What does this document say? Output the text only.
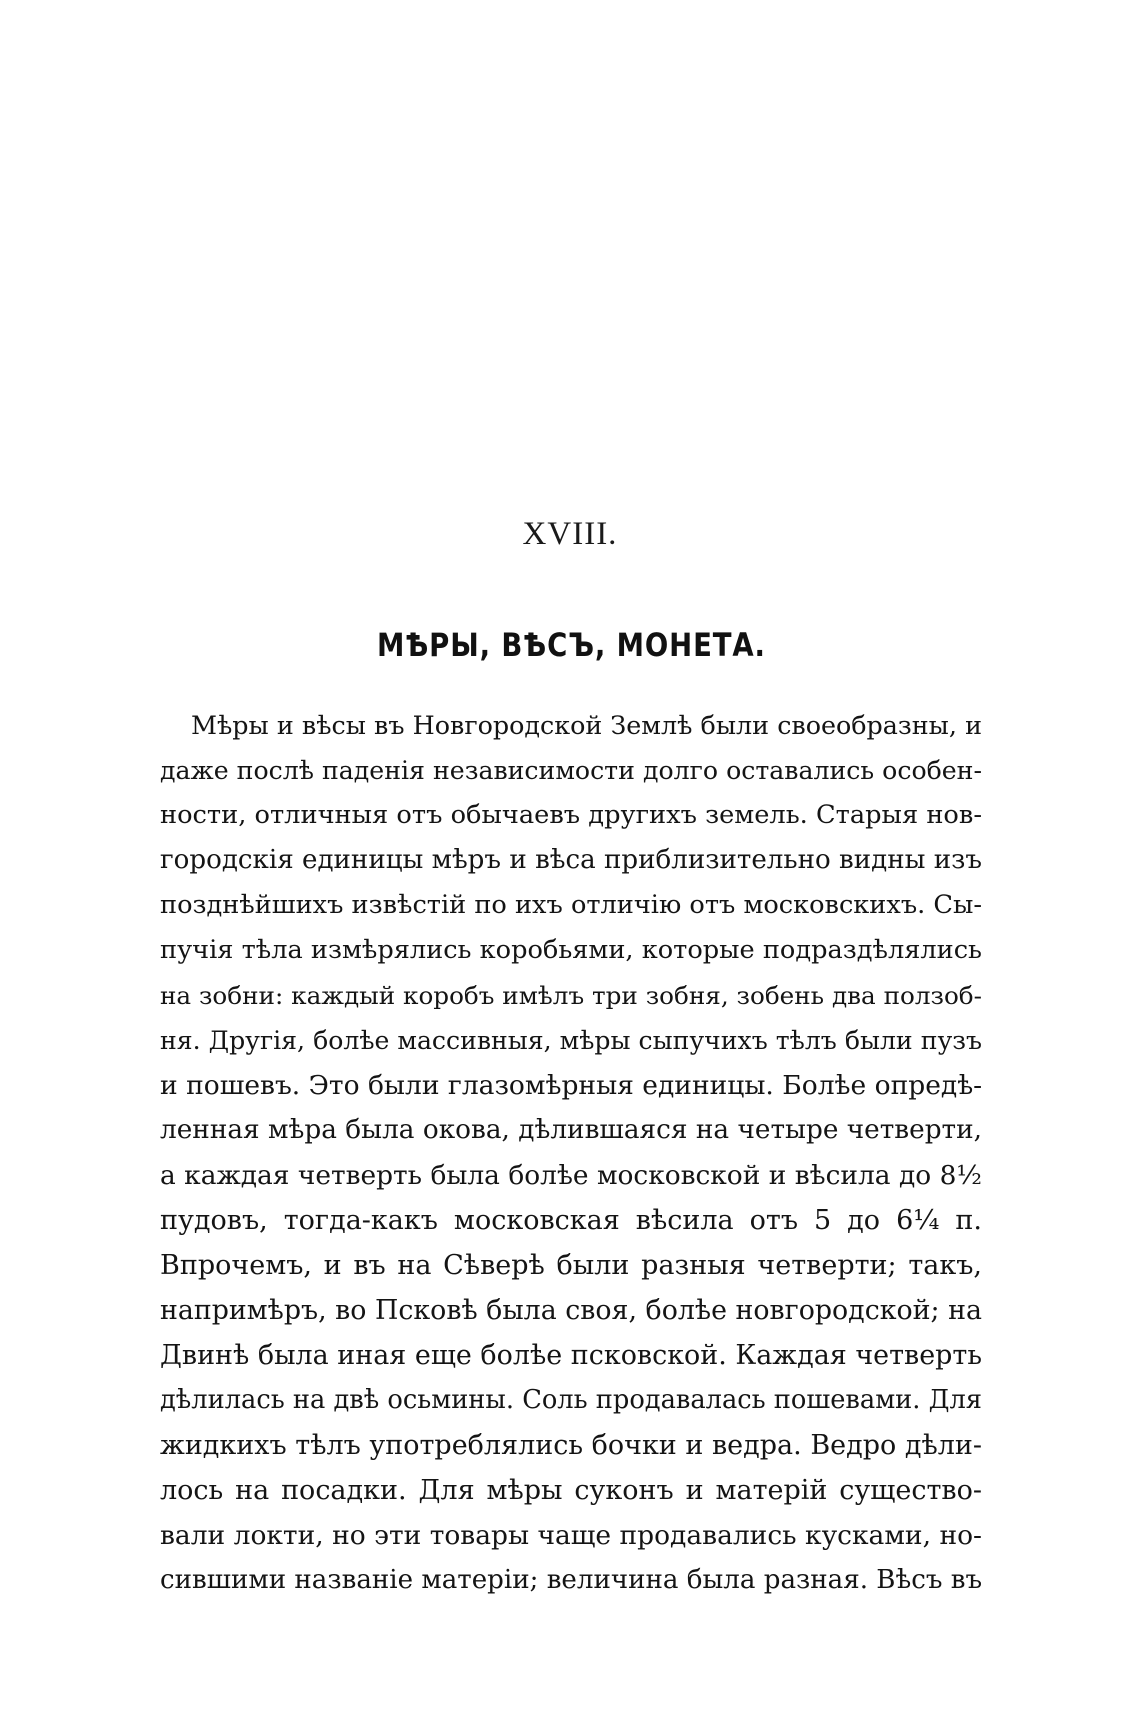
XVIII.
МѢРЫ, ВѢСЪ, МОНЕТА.
Мѣры и вѣсы въ Новгородской Землѣ были своеобразны, и
даже послѣ паденія независимости долго оставались особен-
ности, отличныя отъ обычаевъ другихъ земель. Старыя нов-
городскія единицы мѣръ и вѣса приблизительно видны изъ
позднѣйшихъ извѣстій по ихъ отличію отъ московскихъ. Сы-
пучія тѣла измѣрялись коробьями, которые подраздѣлялись
на зобни: каждый коробъ имѣлъ три зобня, зобень два ползоб-
ня. Другія, болѣе массивныя, мѣры сыпучихъ тѣлъ были пузъ
и пошевъ. Это были глазомѣрныя единицы. Болѣе опредѣ-
ленная мѣра была окова, дѣлившаяся на четыре четверти,
а каждая четверть была болѣе московской и вѣсила до 8½
пудовъ, тогда-какъ московская вѣсила отъ 5 до 6¼ п.
Впрочемъ, и въ на Сѣверѣ были разныя четверти; такъ,
напримѣръ, во Псковѣ была своя, болѣе новгородской; на
Двинѣ была иная еще болѣе псковской. Каждая четверть
дѣлилась на двѣ осьмины. Соль продавалась пошевами. Для
жидкихъ тѣлъ употреблялись бочки и ведра. Ведро дѣли-
лось на посадки. Для мѣры суконъ и матерій существо-
вали локти, но эти товары чаще продавались кусками, но-
сившими названіе матеріи; величина была разная. Вѣсъ въ
